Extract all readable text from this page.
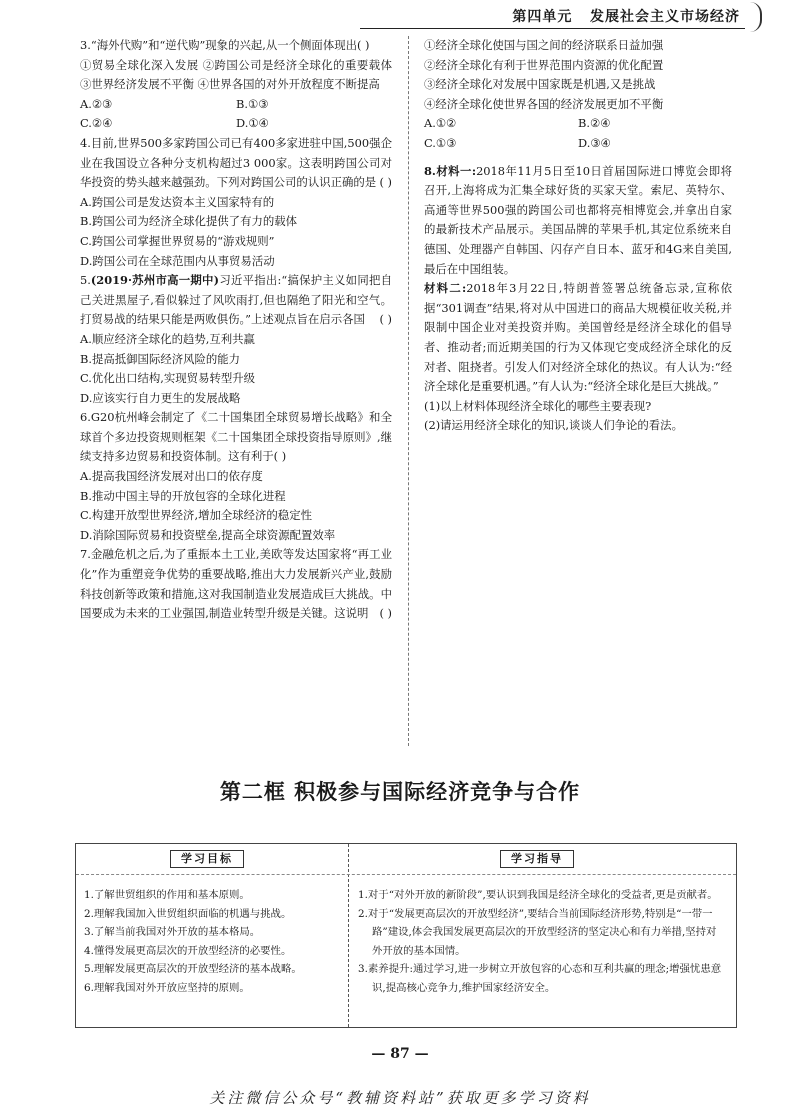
第四单元 发展社会主义市场经济

3.“海外代购”和“逆代购”现象的兴起,从一个侧面体现出( )

①贸易全球化深入发展 ②跨国公司是经济全球化的重要载体 ③世界经济发展不平衡 ④世界各国的对外开放程度不断提高

A.②③	B.①③
C.②④	D.①④

4.目前,世界500多家跨国公司已有400多家进驻中国,500强企业在我国设立各种分支机构超过3 000家。这表明跨国公司对华投资的势头越来越强劲。下列对跨国公司的认识正确的是 ( )

A.跨国公司是发达资本主义国家特有的

B.跨国公司为经济全球化提供了有力的载体

C.跨国公司掌握世界贸易的“游戏规则”

D.跨国公司在全球范围内从事贸易活动

5.(2019·苏州市高一期中)习近平指出:“搞保护主义如同把自己关进黑屋子,看似躲过了风吹雨打,但也隔绝了阳光和空气。打贸易战的结果只能是两败俱伤。”上述观点旨在启示各国 ( )

A.顺应经济全球化的趋势,互利共赢

B.提高抵御国际经济风险的能力

C.优化出口结构,实现贸易转型升级

D.应该实行自力更生的发展战略

6.G20杭州峰会制定了《二十国集团全球贸易增长战略》和全球首个多边投资规则框架《二十国集团全球投资指导原则》,继续支持多边贸易和投资体制。这有利于( )

A.提高我国经济发展对出口的依存度

B.推动中国主导的开放包容的全球化进程

C.构建开放型世界经济,增加全球经济的稳定性

D.消除国际贸易和投资壁垒,提高全球资源配置效率

7.金融危机之后,为了重振本土工业,美欧等发达国家将“再工业化”作为重塑竞争优势的重要战略,推出大力发展新兴产业,鼓励科技创新等政策和措施,这对我国制造业发展造成巨大挑战。中国要成为未来的工业强国,制造业转型升级是关键。这说明 ( )

①经济全球化使国与国之间的经济联系日益加强

②经济全球化有利于世界范围内资源的优化配置

③经济全球化对发展中国家既是机遇,又是挑战

④经济全球化使世界各国的经济发展更加不平衡

A.①②	B.②④
C.①③	D.③④

8.材料一:2018年11月5日至10日首届国际进口博览会即将召开,上海将成为汇集全球好货的买家天堂。索尼、英特尔、高通等世界500强的跨国公司也都将亮相博览会,并拿出自家的最新技术产品展示。美国品牌的苹果手机,其定位系统来自德国、处理器产自韩国、闪存产自日本、蓝牙和4G来自美国,最后在中国组装。

材料二:2018年3月22日,特朗普签署总统备忘录,宣称依据“301调查”结果,将对从中国进口的商品大规模征收关税,并限制中国企业对美投资并购。美国曾经是经济全球化的倡导者、推动者;而近期美国的行为又体现它变成经济全球化的反对者、阻挠者。引发人们对经济全球化的热议。有人认为:“经济全球化是重要机遇。”有人认为:“经济全球化是巨大挑战。”

(1)以上材料体现经济全球化的哪些主要表现?

(2)请运用经济全球化的知识,谈谈人们争论的看法。

第二框 积极参与国际经济竞争与合作
学习目标	学习指导
1.了解世贸组织的作用和基本原则。
2.理解我国加入世贸组织面临的机遇与挑战。
3.了解当前我国对外开放的基本格局。
4.懂得发展更高层次的开放型经济的必要性。
5.理解发展更高层次的开放型经济的基本战略。
6.理解我国对外开放应坚持的原则。
1.对于“对外开放的新阶段”,要认识到我国是经济全球化的受益者,更是贡献者。
2.对于“发展更高层次的开放型经济”,要结合当前国际经济形势,特别是“一带一路”建设,体会我国发展更高层次的开放型经济的坚定决心和有力举措,坚持对外开放的基本国情。
3.素养提升:通过学习,进一步树立开放包容的心态和互利共赢的理念;增强忧患意识,提高核心竞争力,维护国家经济安全。
— 87 —
关注微信公众号“教辅资料站”获取更多学习资料
